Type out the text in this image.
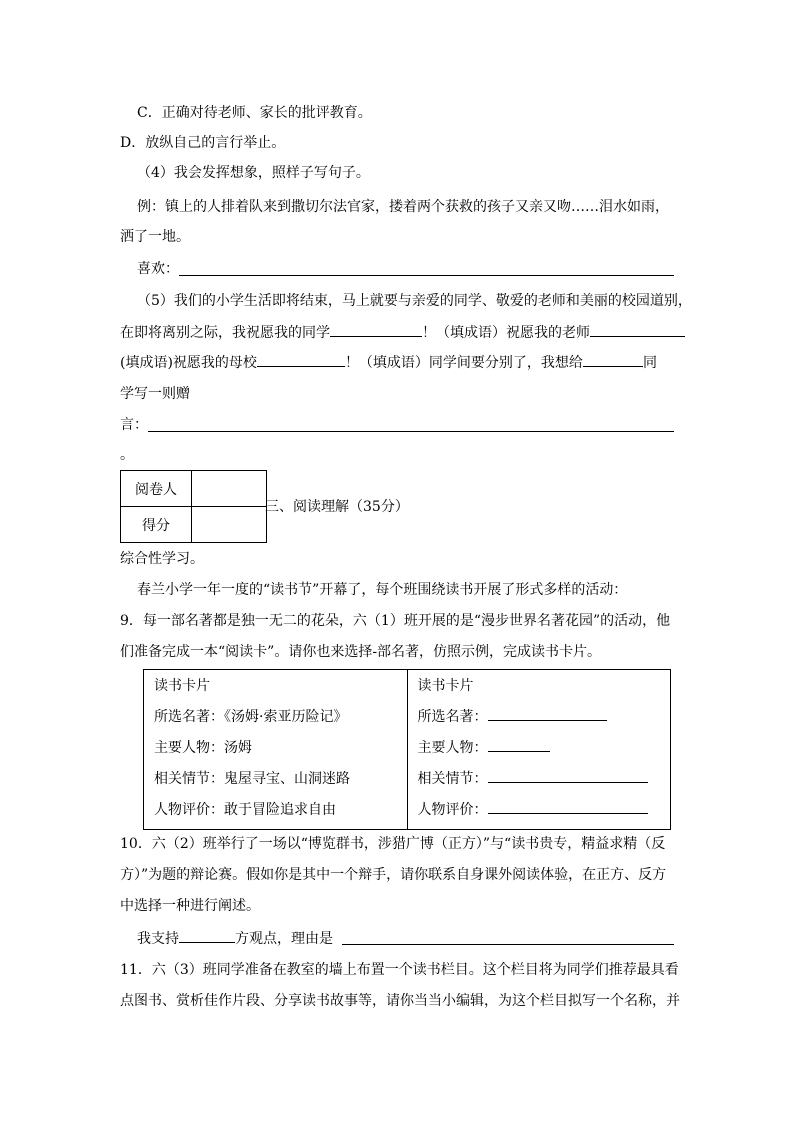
C．正确对待老师、家长的批评教育。
D．放纵自己的言行举止。
（4）我会发挥想象，照样子写句子。
例：镇上的人排着队来到撒切尔法官家，搂着两个获救的孩子又亲又吻……泪水如雨，
洒了一地。
喜欢：
（5）我们的小学生活即将结束，马上就要与亲爱的同学、敬爱的老师和美丽的校园道别，
在即将离别之际，我祝愿我的同学	！（填成语）祝愿我的老师
(填成语)祝愿我的母校	！（填成语）同学间要分别了，我想给	同
学写一则赠
言：
。
阅卷人	
得分	
三、阅读理解（35分）
综合性学习。
春兰小学一年一度的“读书节”开幕了，每个班围绕读书开展了形式多样的活动：
9．每一部名著都是独一无二的花朵，六（1）班开展的是“漫步世界名著花园”的活动，他
们准备完成一本“阅读卡”。请你也来选择-部名著，仿照示例，完成读书卡片。
读书卡片
所选名著：《汤姆·索亚历险记》
主要人物：汤姆
相关情节：鬼屋寻宝、山洞迷路
人物评价：敢于冒险追求自由

读书卡片
所选名著：
主要人物：
相关情节：
人物评价：
10．六（2）班举行了一场以“博览群书，涉猎广博（正方）”与“读书贵专，精益求精（反
方）”为题的辩论赛。假如你是其中一个辩手，请你联系自身课外阅读体验，在正方、反方
中选择一种进行阐述。
我支持	方观点，理由是
11．六（3）班同学准备在教室的墙上布置一个读书栏目。这个栏目将为同学们推荐最具看
点图书、赏析佳作片段、分享读书故事等，请你当当小编辑，为这个栏目拟写一个名称，并
